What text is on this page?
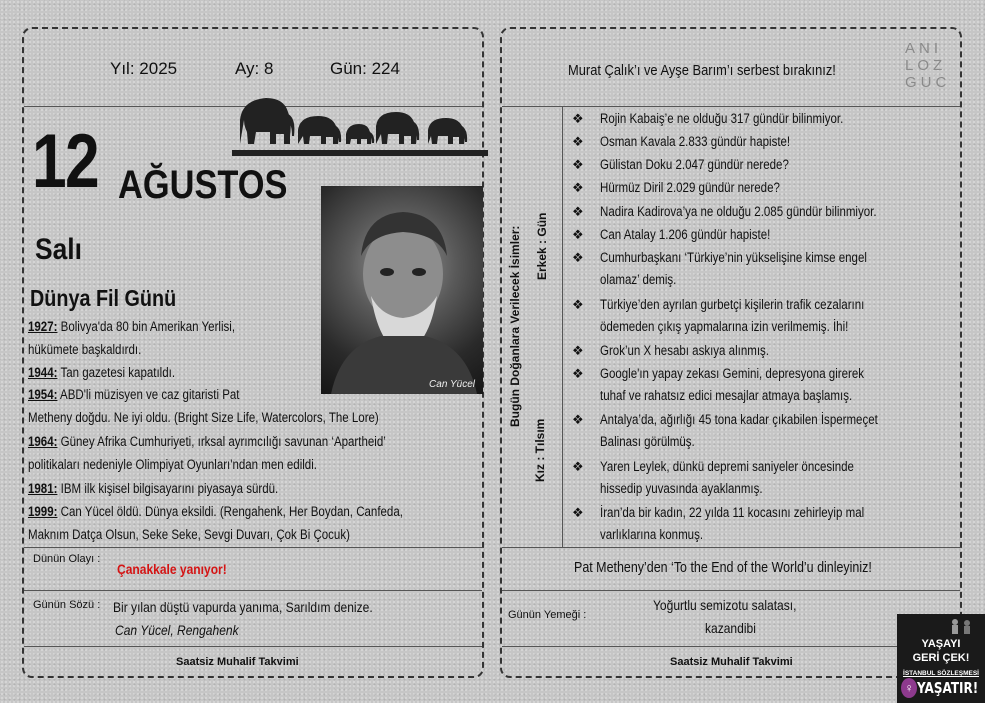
Yıl: 2025	Ay: 8	Gün: 224
12 AĞUSTOS
Salı
Dünya Fil Günü
Can Yücel
1927: Bolivya'da 80 bin Amerikan Yerlisi,
hükümete başkaldırdı.
1944: Tan gazetesi kapatıldı.
1954: ABD'li müzisyen ve caz gitaristi Pat
Metheny doğdu. Ne iyi oldu. (Bright Size Life, Watercolors, The Lore)
1964: Güney Afrika Cumhuriyeti, ırksal ayrımcılığı savunan ‘Apartheid’
politikaları nedeniyle Olimpiyat Oyunları'ndan men edildi.
1981: IBM ilk kişisel bilgisayarını piyasaya sürdü.
1999: Can Yücel öldü. Dünya eksildi. (Rengahenk, Her Boydan, Canfeda,
Maknım Datça Olsun, Seke Seke, Sevgi Duvarı, Çok Bi Çocuk)
Dünün Olayı :
Çanakkale yanıyor!
Günün Sözü : Bir yılan düştü vapurda yanıma, Sarıldım denize.
Can Yücel, Rengahenk
Saatsiz Muhalif Takvimi
Murat Çalık’ı ve Ayşe Barım’ı serbest bırakınız!
ANI
LOZ
GUC
Bugün Doğanlara Verilecek İsimler: Erkek : Gün
Kız : Tılsım
❖ Rojin Kabaiş’e ne olduğu 317 gündür bilinmiyor.
❖ Osman Kavala 2.833 gündür hapiste!
❖ Gülistan Doku 2.047 gündür nerede?
❖ Hürmüz Diril 2.029 gündür nerede?
❖ Nadira Kadirova’ya ne olduğu 2.085 gündür bilinmiyor.
❖ Can Atalay 1.206 gündür hapiste!
❖ Cumhurbaşkanı ‘Türkiye’nin yükselişine kimse engel
olamaz’ demiş.
❖ Türkiye’den ayrılan gurbetçi kişilerin trafik cezalarını
ödemeden çıkış yapmalarına izin verilmemiş. İhi!
❖ Grok’un X hesabı askıya alınmış.
❖ Google'ın yapay zekası Gemini, depresyona girerek
tuhaf ve rahatsız edici mesajlar atmaya başlamış.
❖ Antalya’da, ağırlığı 45 tona kadar çıkabilen İspermeçet
Balinası görülmüş.
❖ Yaren Leylek, dünkü depremi saniyeler öncesinde
hissedip yuvasında ayaklanmış.
❖ İran’da bir kadın, 22 yılda 11 kocasını zehirleyip mal
varlıklarına konmuş.
Pat Metheny’den ‘To the End of the World’u dinleyiniz!
Günün Yemeği :
Yoğurtlu semizotu salatası,
kazandibi
Saatsiz Muhalif Takvimi
YAŞAYI
GERİ ÇEK!
İSTANBUL SÖZLEŞMESİ
♀ YAŞATIR!
